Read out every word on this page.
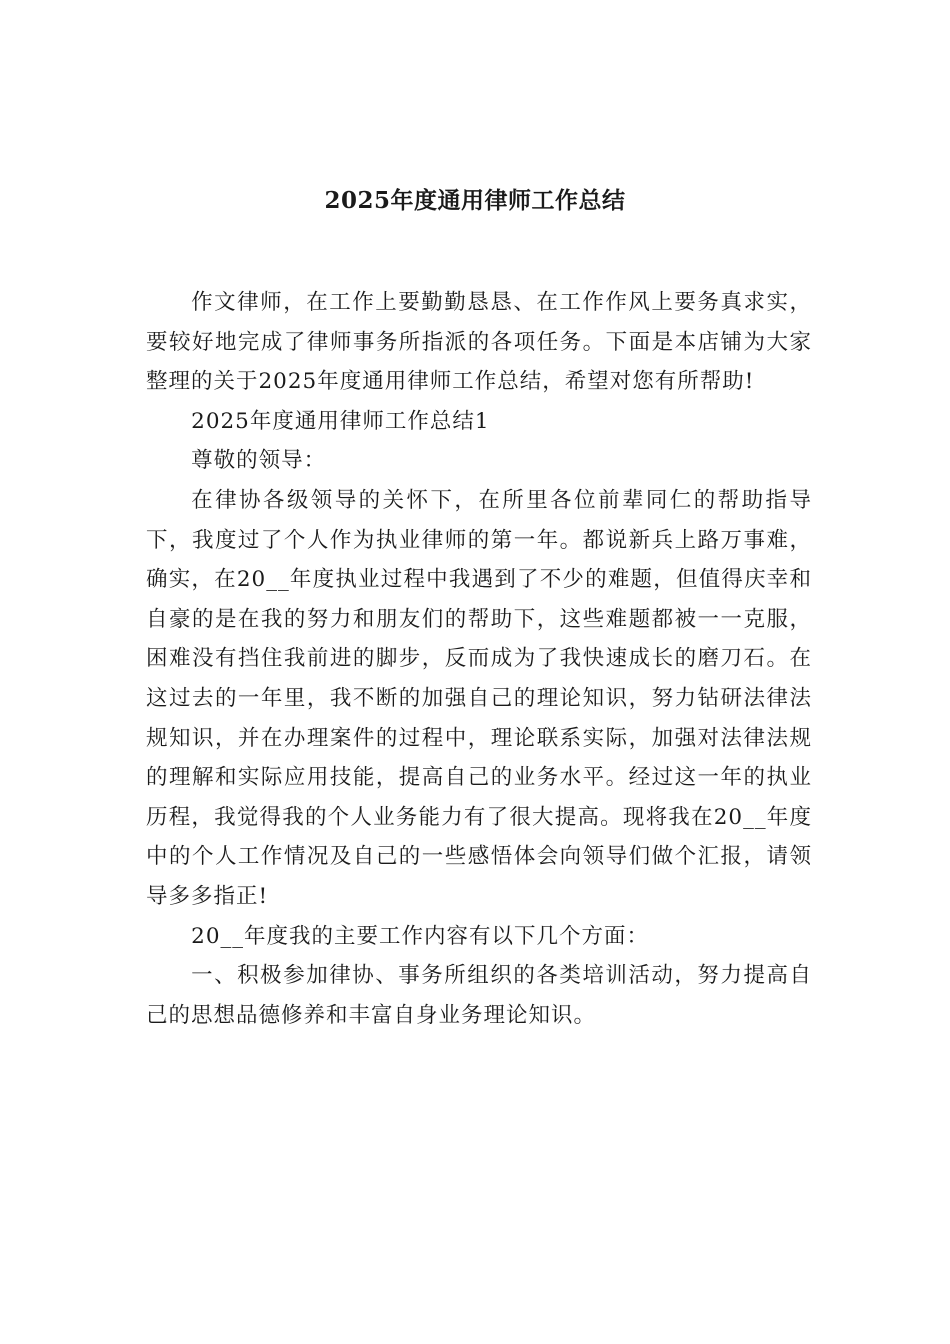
2025年度通用律师工作总结

作文律师，在工作上要勤勤恳恳、在工作作风上要务真求实，要较好地完成了律师事务所指派的各项任务。下面是本店铺为大家整理的关于2025年度通用律师工作总结，希望对您有所帮助!

2025年度通用律师工作总结1

尊敬的领导：

在律协各级领导的关怀下，在所里各位前辈同仁的帮助指导下，我度过了个人作为执业律师的第一年。都说新兵上路万事难，确实，在20__年度执业过程中我遇到了不少的难题，但值得庆幸和自豪的是在我的努力和朋友们的帮助下，这些难题都被一一克服，困难没有挡住我前进的脚步，反而成为了我快速成长的磨刀石。在这过去的一年里，我不断的加强自己的理论知识，努力钻研法律法规知识，并在办理案件的过程中，理论联系实际，加强对法律法规的理解和实际应用技能，提高自己的业务水平。经过这一年的执业历程，我觉得我的个人业务能力有了很大提高。现将我在20__年度中的个人工作情况及自己的一些感悟体会向领导们做个汇报，请领导多多指正!

20__年度我的主要工作内容有以下几个方面：

一、积极参加律协、事务所组织的各类培训活动，努力提高自己的思想品德修养和丰富自身业务理论知识。
